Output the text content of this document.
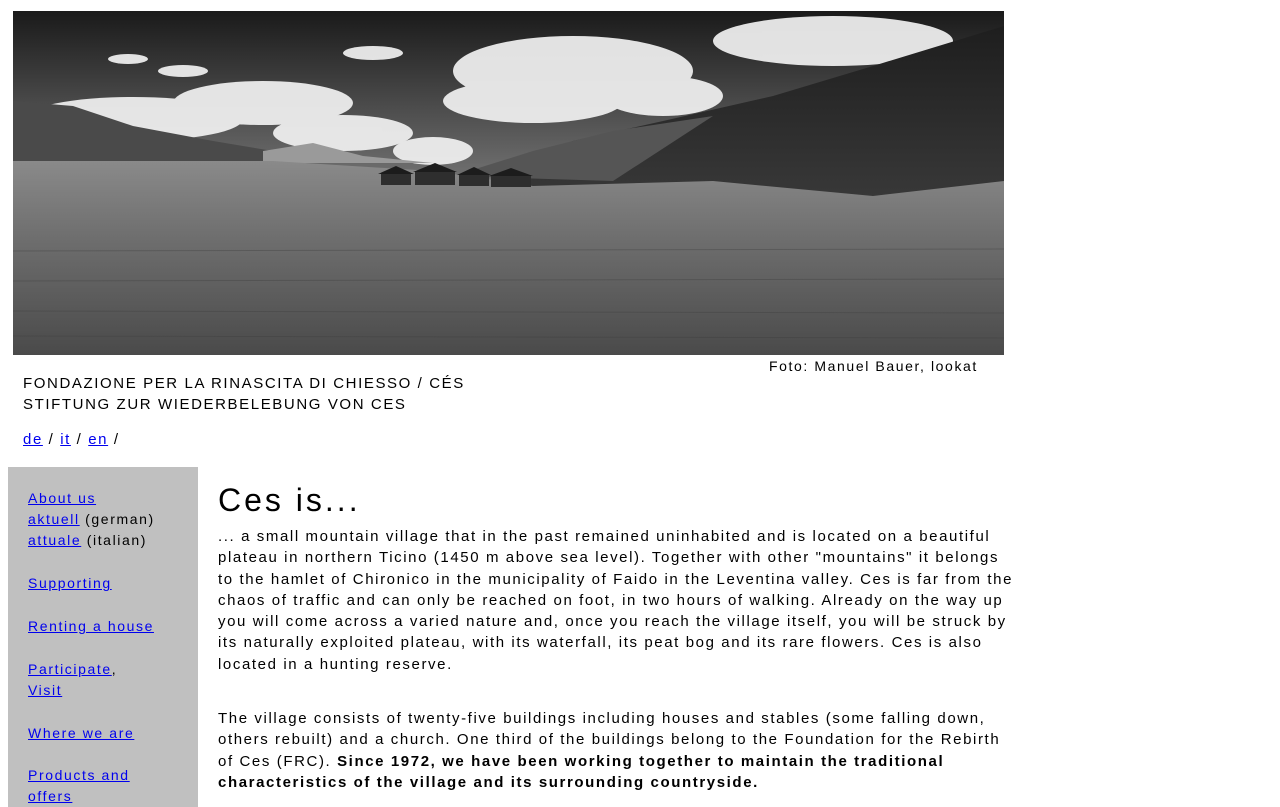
Foto: Manuel Bauer, lookat
FONDAZIONE PER LA RINASCITA DI CHIESSO / CÉS
STIFTUNG ZUR WIEDERBELEBUNG VON CES
de / it / en /
About us
aktuell (german)
attuale (italian)
Supporting
Renting a house
Participate,
Visit
Where we are
Products and
offers
Ces is...

... a small mountain village that in the past remained uninhabited and is located on a beautiful plateau in northern Ticino (1450 m above sea level). Together with other "mountains" it belongs to the hamlet of Chironico in the municipality of Faido in the Leventina valley. Ces is far from the chaos of traffic and can only be reached on foot, in two hours of walking. Already on the way up you will come across a varied nature and, once you reach the village itself, you will be struck by its naturally exploited plateau, with its waterfall, its peat bog and its rare flowers. Ces is also located in a hunting reserve.

The village consists of twenty-five buildings including houses and stables (some falling down, others rebuilt) and a church. One third of the buildings belong to the Foundation for the Rebirth of Ces (FRC). Since 1972, we have been working together to maintain the traditional characteristics of the village and its surrounding countryside.
